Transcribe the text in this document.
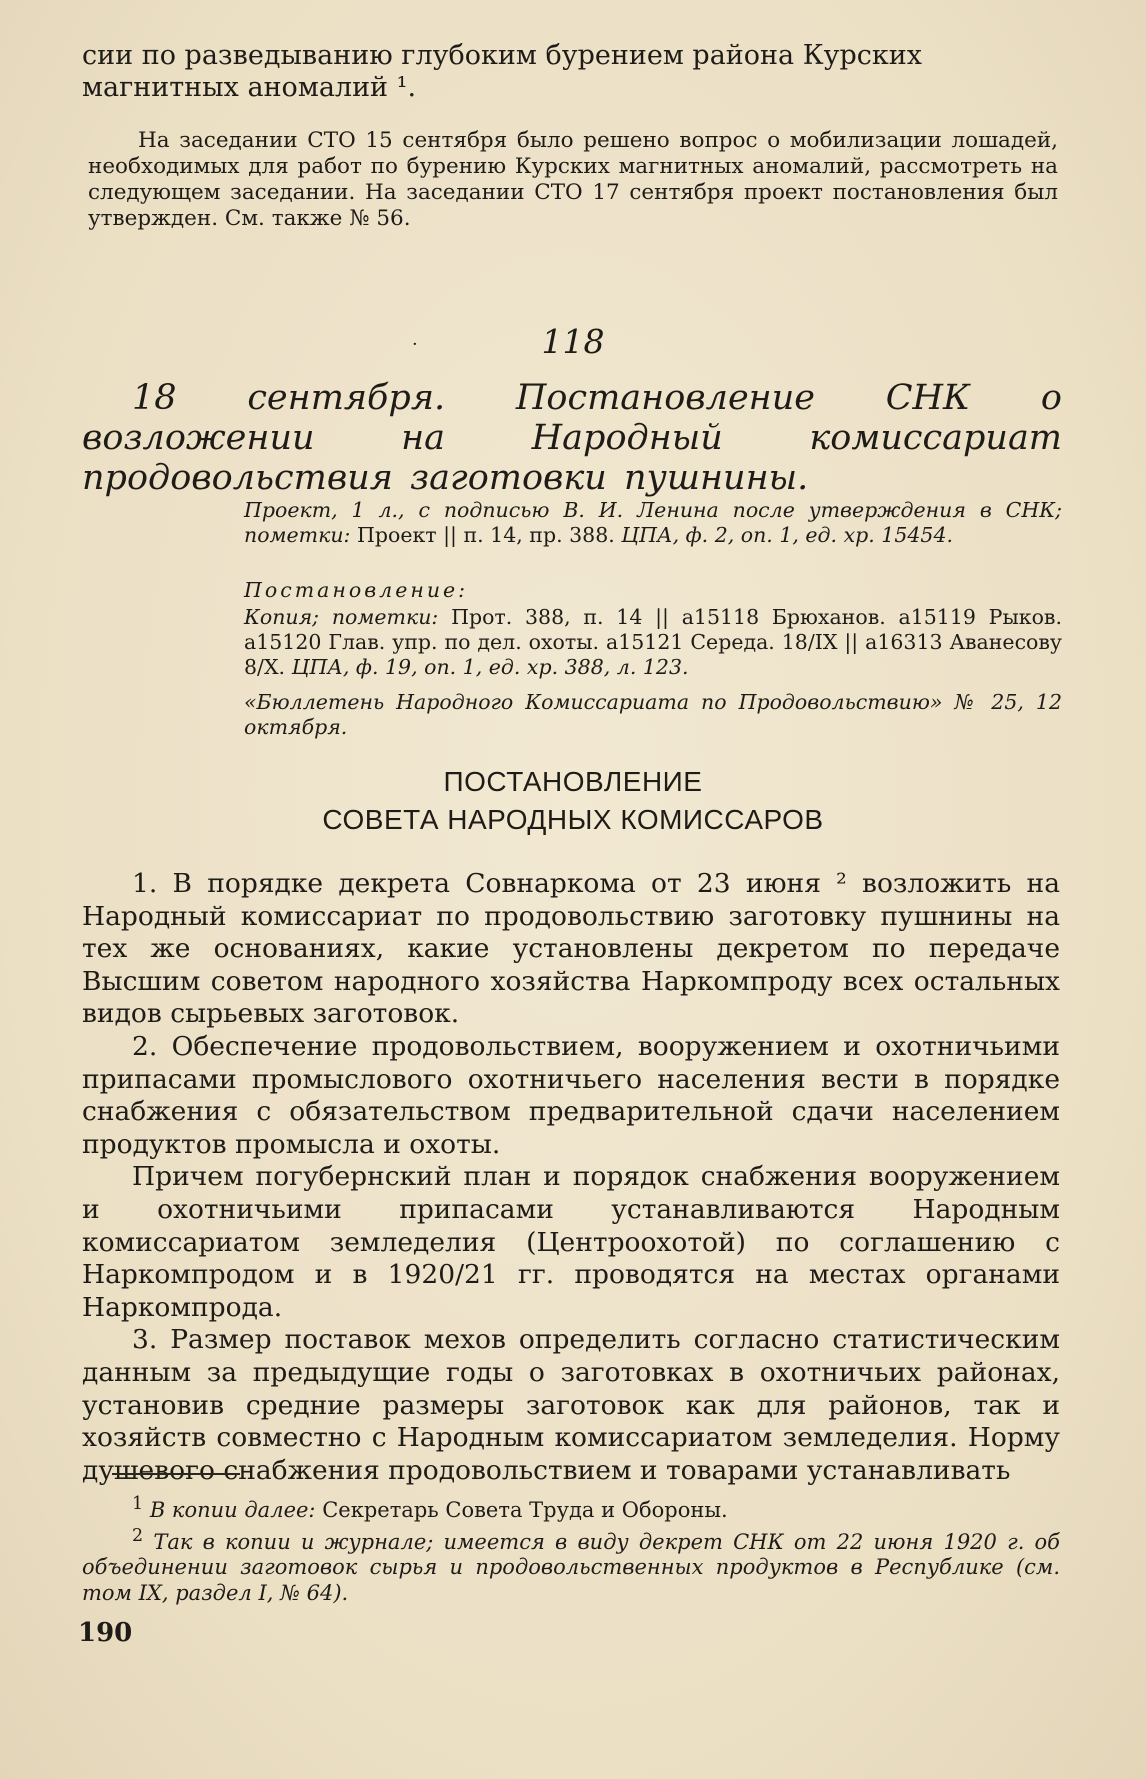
сии по разведыванию глубоким бурением района Курских магнитных аномалий ¹.

На заседании СТО 15 сентября было решено вопрос о мобилизации лошадей, необходимых для работ по бурению Курских магнитных аномалий, рассмотреть на следующем заседании. На заседании СТО 17 сентября проект постановления был утвержден. См. также № 56.

·	118

18 сентября. Постановление СНК о возложении на Народный комиссариат продовольствия заготовки пушнины.

Проект, 1 л., с подписью В. И. Ленина после утверждения в СНК; пометки: Проект || п. 14, пр. 388. ЦПА, ф. 2, оп. 1, ед. хр. 15454.

Постановление:

Копия; пометки: Прот. 388, п. 14 || а15118 Брюханов. а15119 Рыков. а15120 Глав. упр. по дел. охоты. а15121 Середа. 18/IX || а16313 Аванесову 8/X. ЦПА, ф. 19, оп. 1, ед. хр. 388, л. 123.

«Бюллетень Народного Комиссариата по Продовольствию» № 25, 12 октября.

ПОСТАНОВЛЕНИЕ
СОВЕТА НАРОДНЫХ КОМИССАРОВ

1. В порядке декрета Совнаркома от 23 июня ² возложить на Народный комиссариат по продовольствию заготовку пушнины на тех же основаниях, какие установлены декретом по передаче Высшим советом народного хозяйства Наркомпроду всех остальных видов сырьевых заготовок.

2. Обеспечение продовольствием, вооружением и охотничьими припасами промыслового охотничьего населения вести в порядке снабжения с обязательством предварительной сдачи населением продуктов промысла и охоты.

Причем погубернский план и порядок снабжения вооружением и охотничьими припасами устанавливаются Народным комиссариатом земледелия (Центроохотой) по соглашению с Наркомпродом и в 1920/21 гг. проводятся на местах органами Наркомпрода.

3. Размер поставок мехов определить согласно статистическим данным за предыдущие годы о заготовках в охотничьих районах, установив средние размеры заготовок как для районов, так и хозяйств совместно с Народным комиссариатом земледелия. Норму душевого снабжения продовольствием и товарами устанавливать

$^1$ В копии далее: Секретарь Совета Труда и Обороны.

$^2$ Так в копии и журнале; имеется в виду декрет СНК от 22 июня 1920 г. об объединении заготовок сырья и продовольственных продуктов в Республике (см. том IX, раздел I, № 64).

190
